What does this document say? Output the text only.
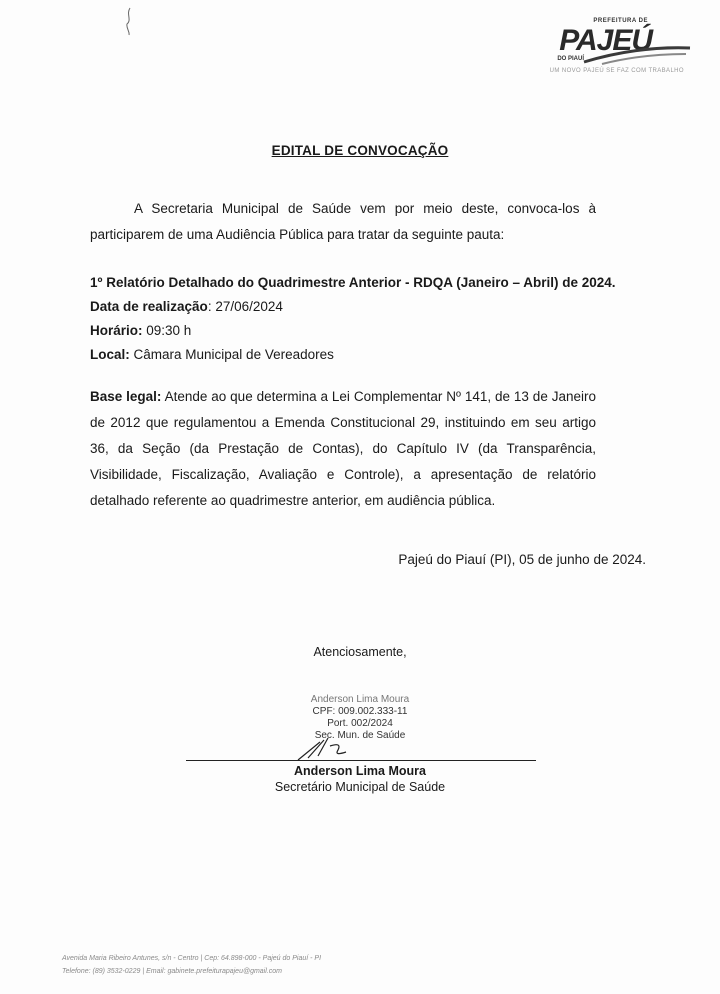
PREFEITURA DE
PAJEÚ
DO PIAUÍ
UM NOVO PAJEÚ SE FAZ COM TRABALHO
EDITAL DE CONVOCAÇÃO
A Secretaria Municipal de Saúde vem por meio deste, convoca-los à participarem de uma Audiência Pública para tratar da seguinte pauta:
1º Relatório Detalhado do Quadrimestre Anterior - RDQA (Janeiro – Abril) de 2024.
Data de realização: 27/06/2024
Horário: 09:30 h
Local: Câmara Municipal de Vereadores
Base legal: Atende ao que determina a Lei Complementar Nº 141, de 13 de Janeiro de 2012 que regulamentou a Emenda Constitucional 29, instituindo em seu artigo 36, da Seção (da Prestação de Contas), do Capítulo IV (da Transparência, Visibilidade, Fiscalização, Avaliação e Controle), a apresentação de relatório detalhado referente ao quadrimestre anterior, em audiência pública.
Pajeú do Piauí (PI), 05 de junho de 2024.
Atenciosamente,
Anderson Lima Moura
CPF: 009.002.333-11
Port. 002/2024
Sec. Mun. de Saúde
Anderson Lima Moura
Secretário Municipal de Saúde
Avenida Maria Ribeiro Antunes, s/n - Centro | Cep: 64.898-000 - Pajeú do Piauí - PI
Telefone: (89) 3532-0229 | Email: gabinete.prefeiturapajeu@gmail.com
